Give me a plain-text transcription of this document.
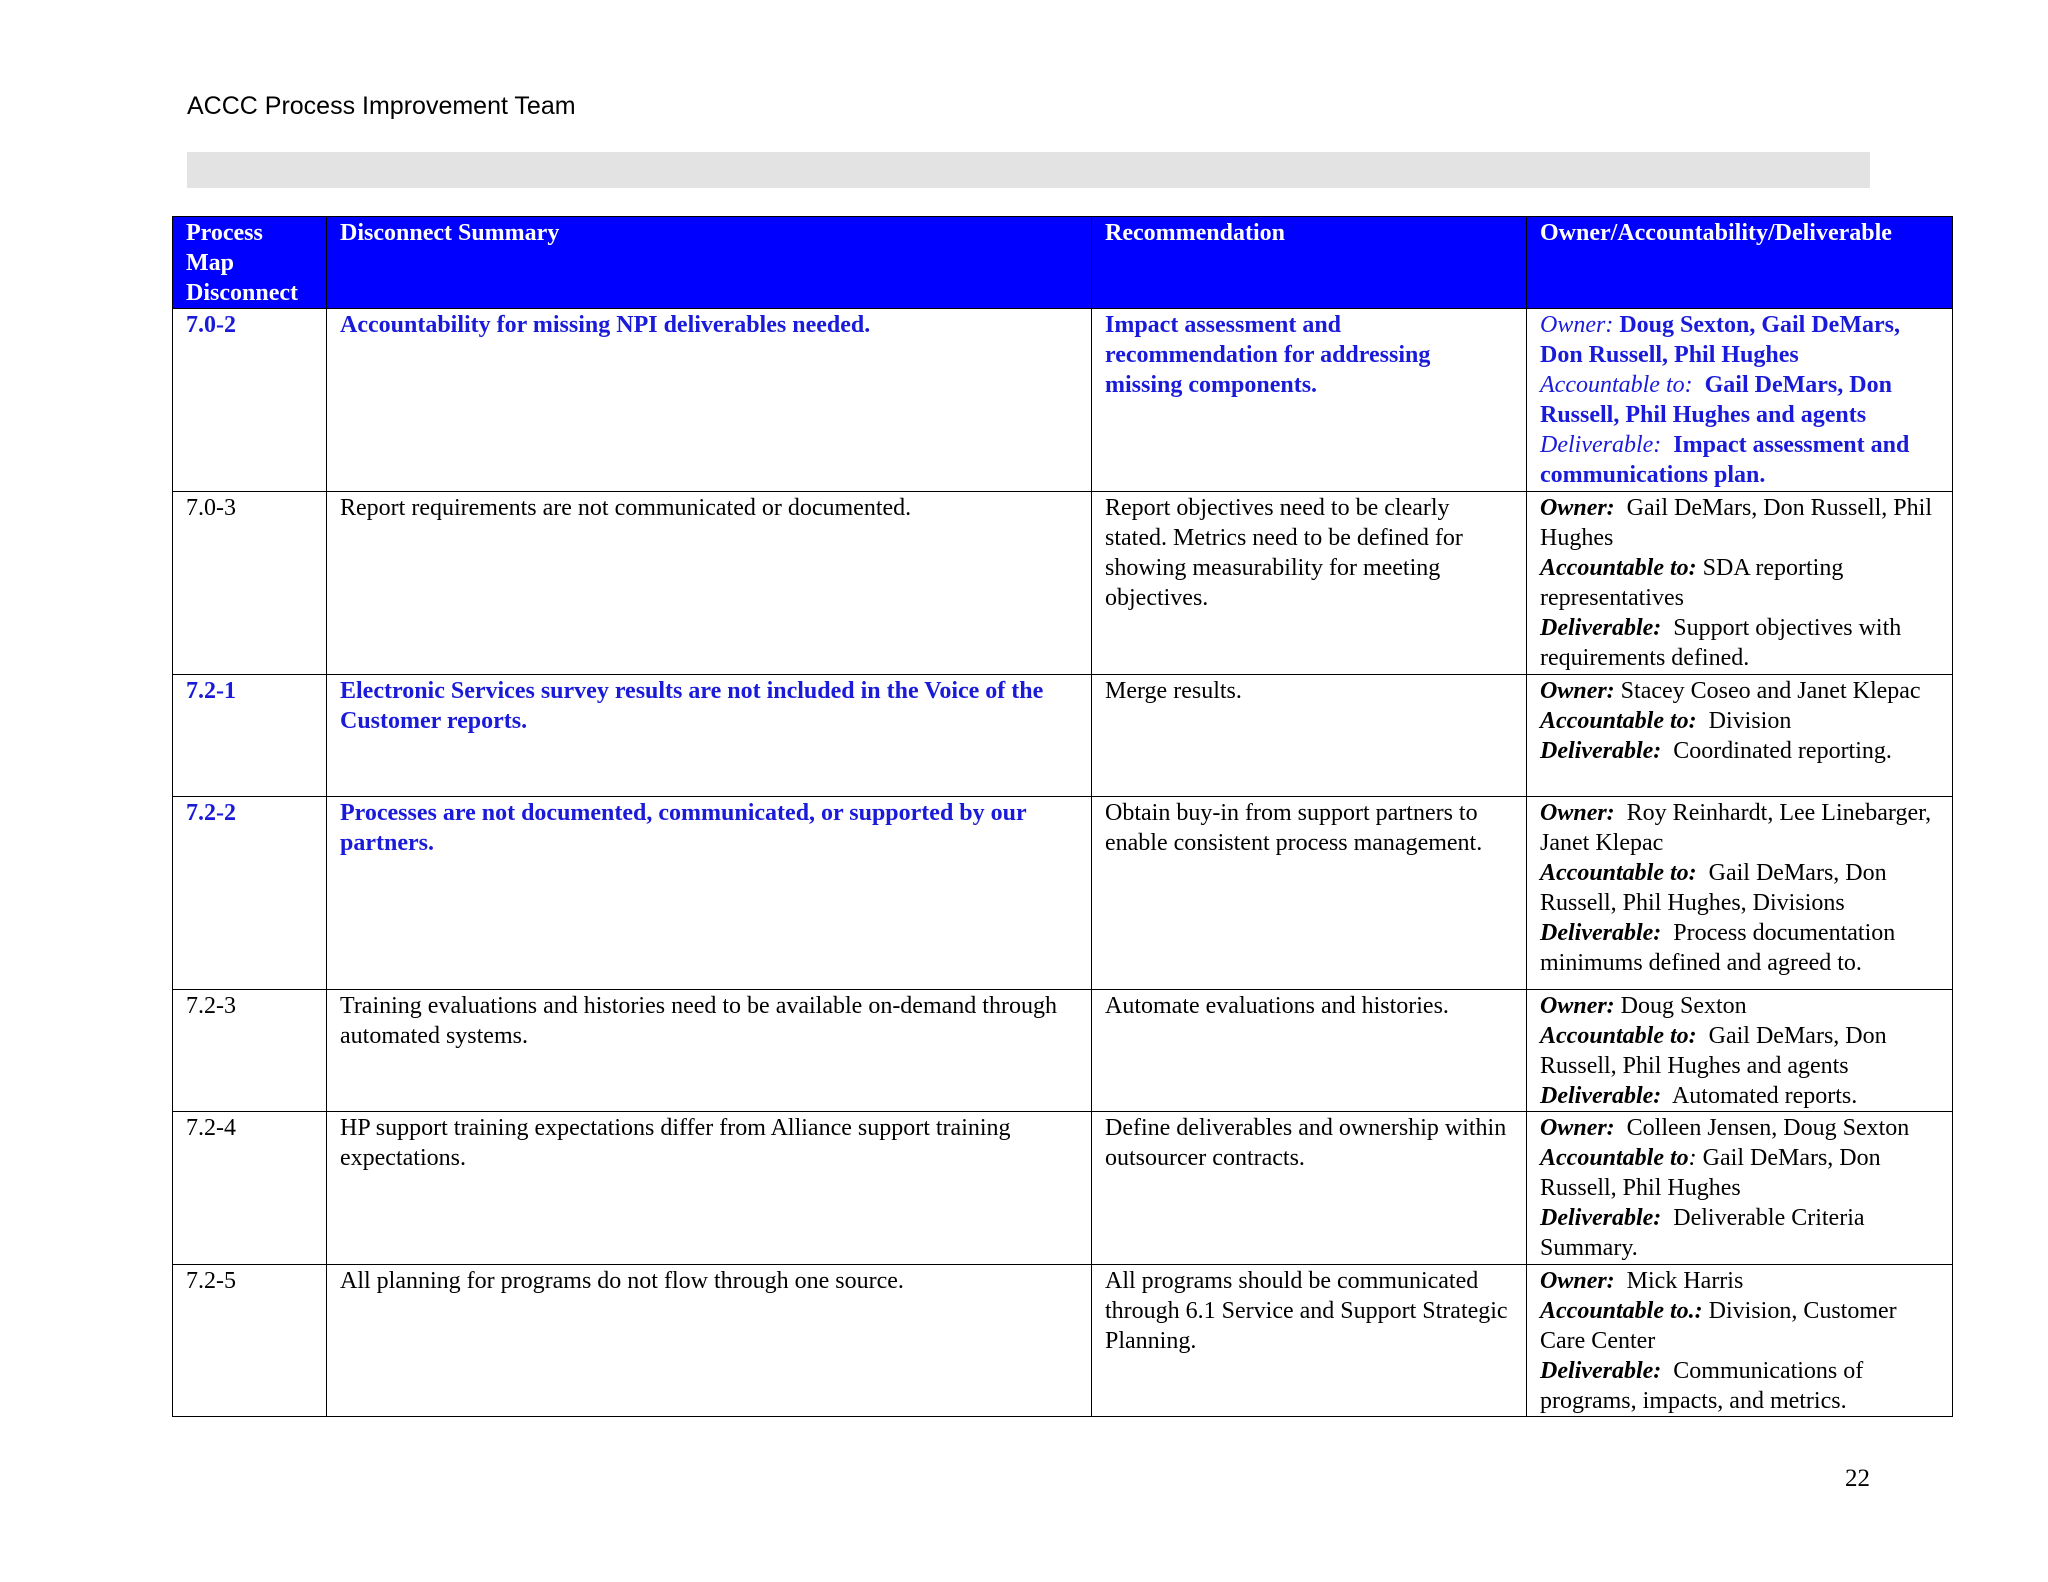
ACCC Process Improvement Team
Process Map Disconnect	Disconnect Summary	Recommendation	Owner/Accountability/Deliverable
7.0-2	Accountability for missing NPI deliverables needed.	Impact assessment and recommendation for addressing missing components.	Owner: Doug Sexton, Gail DeMars, Don Russell, Phil Hughes
Accountable to: Gail DeMars, Don Russell, Phil Hughes and agents
Deliverable: Impact assessment and communications plan.

7.0-3	Report requirements are not communicated or documented.	Report objectives need to be clearly stated. Metrics need to be defined for showing measurability for meeting objectives.	Owner: Gail DeMars, Don Russell, Phil Hughes
Accountable to: SDA reporting representatives
Deliverable: Support objectives with requirements defined.

7.2-1	Electronic Services survey results are not included in the Voice of the Customer reports.	Merge results.	Owner: Stacey Coseo and Janet Klepac
Accountable to: Division
Deliverable: Coordinated reporting.

7.2-2	Processes are not documented, communicated, or supported by our partners.	Obtain buy-in from support partners to enable consistent process management.	Owner: Roy Reinhardt, Lee Linebarger, Janet Klepac
Accountable to: Gail DeMars, Don Russell, Phil Hughes, Divisions
Deliverable: Process documentation minimums defined and agreed to.

7.2-3	Training evaluations and histories need to be available on-demand through automated systems.	Automate evaluations and histories.	Owner: Doug Sexton
Accountable to: Gail DeMars, Don Russell, Phil Hughes and agents
Deliverable: Automated reports.

7.2-4	HP support training expectations differ from Alliance support training expectations.	Define deliverables and ownership within outsourcer contracts.	Owner: Colleen Jensen, Doug Sexton
Accountable to: Gail DeMars, Don Russell, Phil Hughes
Deliverable: Deliverable Criteria Summary.

7.2-5	All planning for programs do not flow through one source.	All programs should be communicated through 6.1 Service and Support Strategic Planning.	Owner: Mick Harris
Accountable to.: Division, Customer Care Center
Deliverable: Communications of programs, impacts, and metrics.
22
